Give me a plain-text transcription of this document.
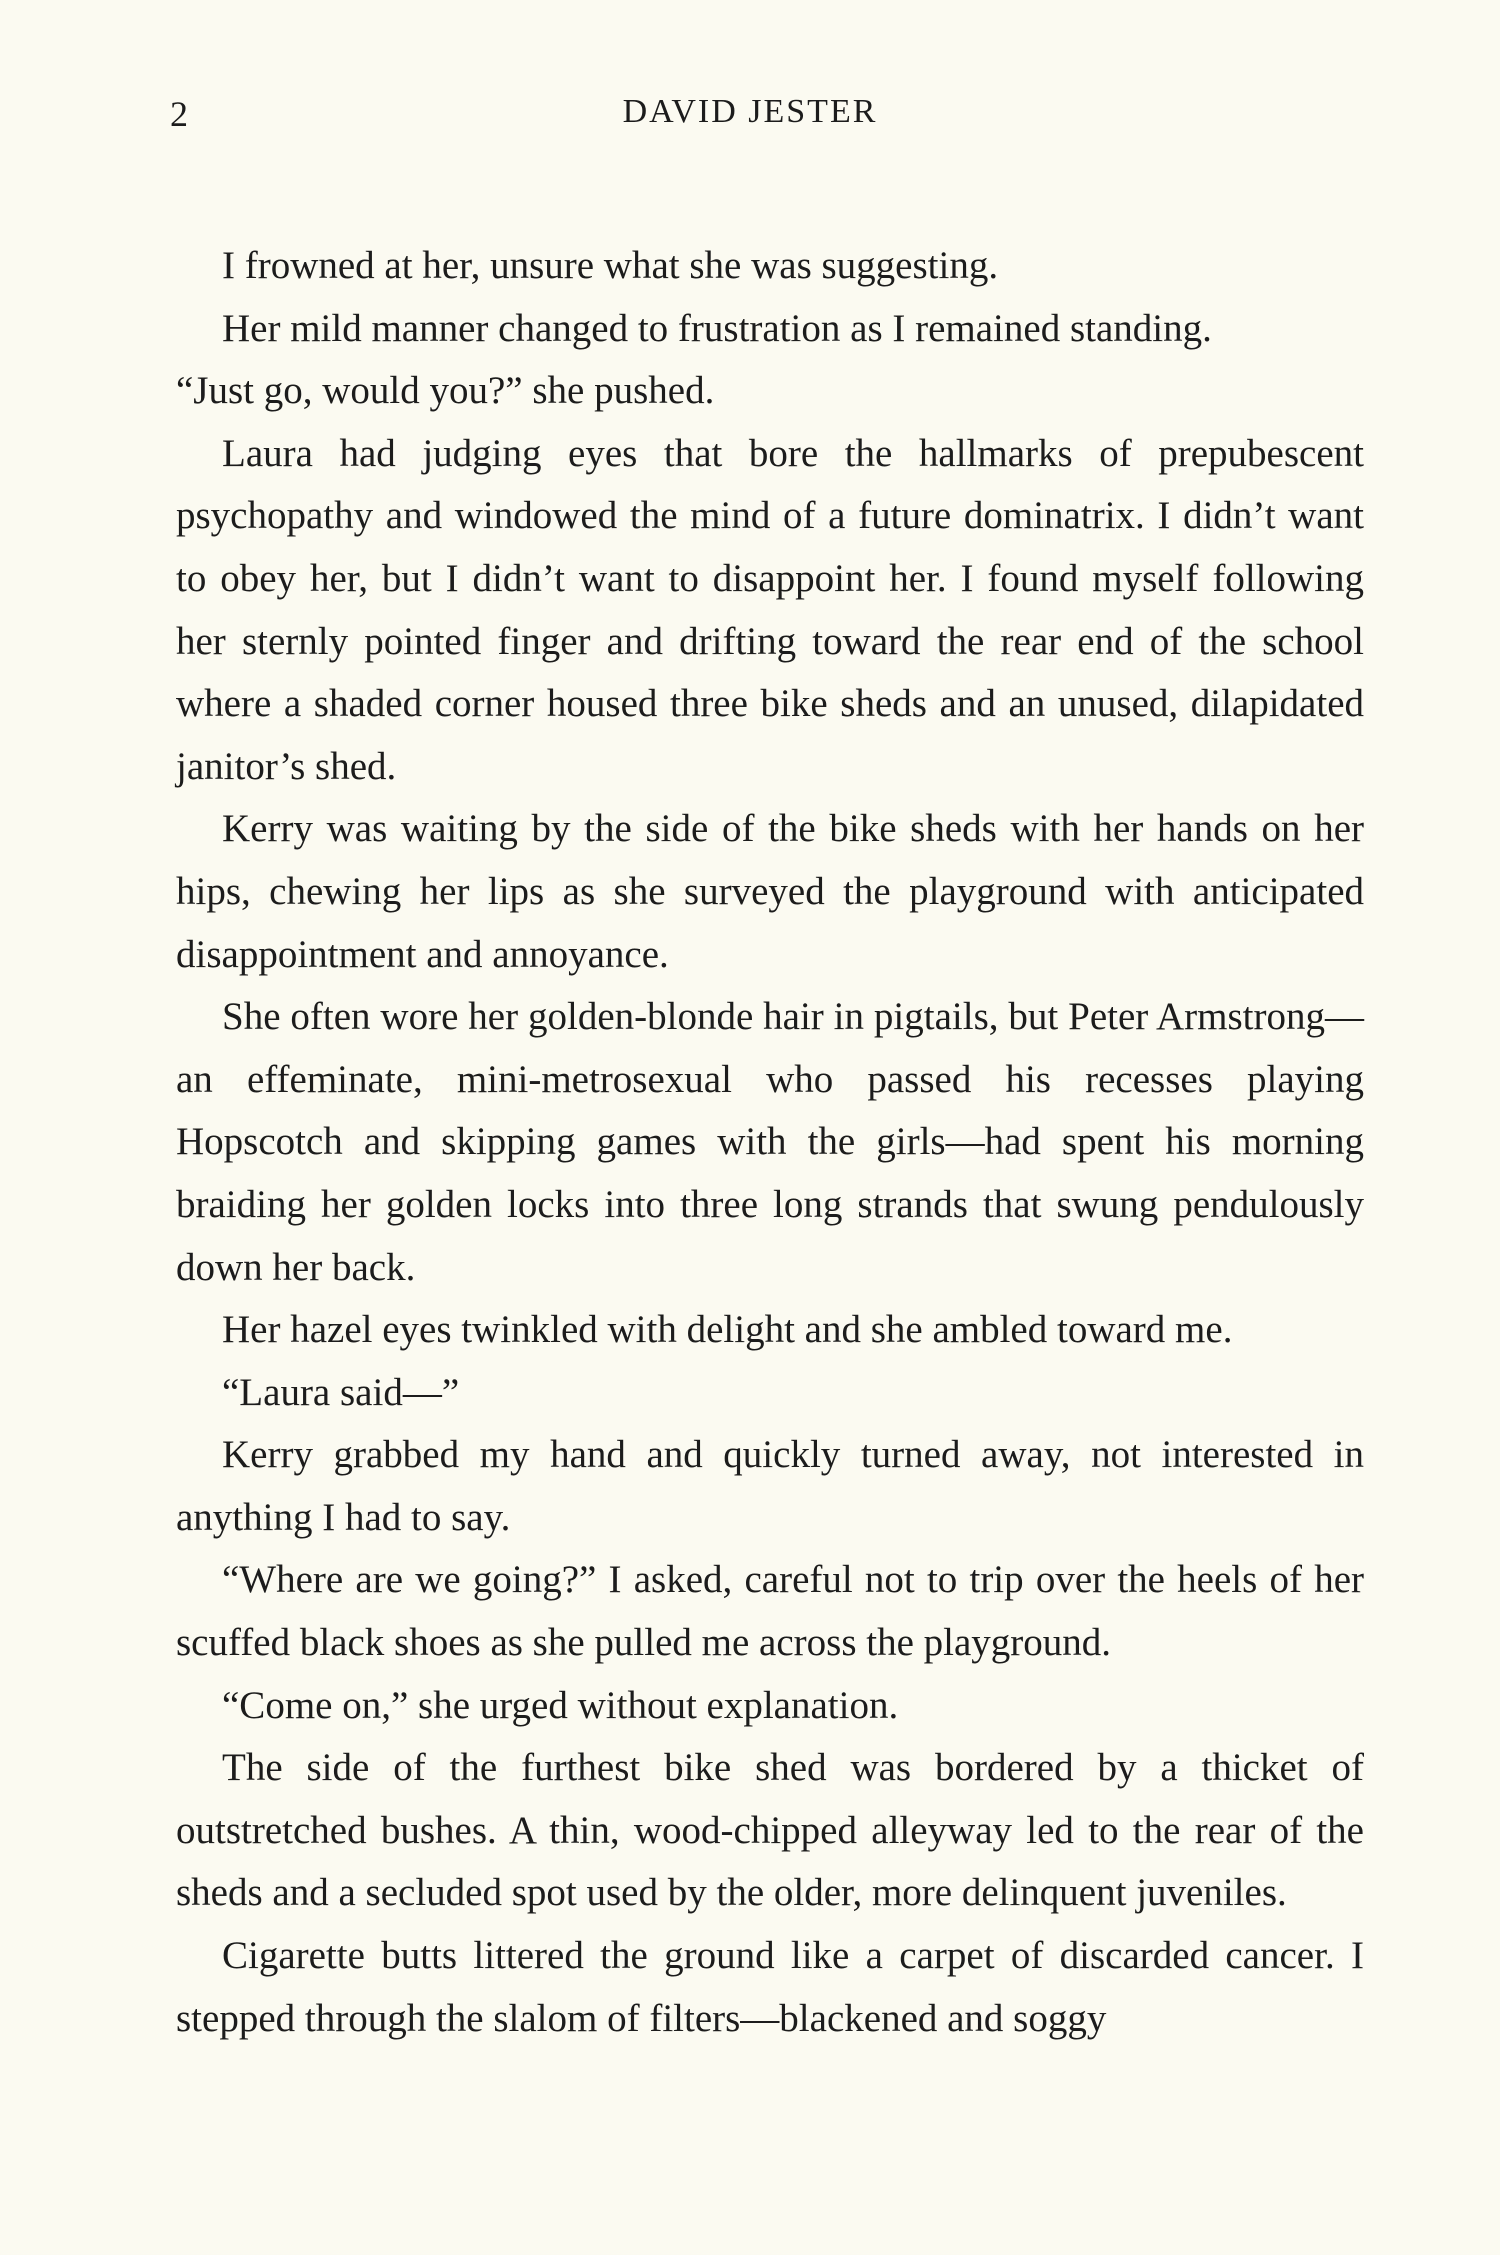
2	DAVID JESTER

I frowned at her, unsure what she was suggesting.

Her mild manner changed to frustration as I remained standing.

“Just go, would you?” she pushed.

Laura had judging eyes that bore the hallmarks of prepubescent psychopathy and windowed the mind of a future dominatrix. I didn’t want to obey her, but I didn’t want to disappoint her. I found myself following her sternly pointed finger and drifting toward the rear end of the school where a shaded corner housed three bike sheds and an unused, dilapidated janitor’s shed.

Kerry was waiting by the side of the bike sheds with her hands on her hips, chewing her lips as she surveyed the playground with anticipated disappointment and annoyance.

She often wore her golden-blonde hair in pigtails, but Peter Armstrong—an effeminate, mini-metrosexual who passed his recesses playing Hopscotch and skipping games with the girls—had spent his morning braiding her golden locks into three long strands that swung pendulously down her back.

Her hazel eyes twinkled with delight and she ambled toward me.

“Laura said—”

Kerry grabbed my hand and quickly turned away, not interested in anything I had to say.

“Where are we going?” I asked, careful not to trip over the heels of her scuffed black shoes as she pulled me across the playground.

“Come on,” she urged without explanation.

The side of the furthest bike shed was bordered by a thicket of outstretched bushes. A thin, wood-chipped alleyway led to the rear of the sheds and a secluded spot used by the older, more delinquent juveniles.

Cigarette butts littered the ground like a carpet of discarded cancer. I stepped through the slalom of filters—blackened and soggy
